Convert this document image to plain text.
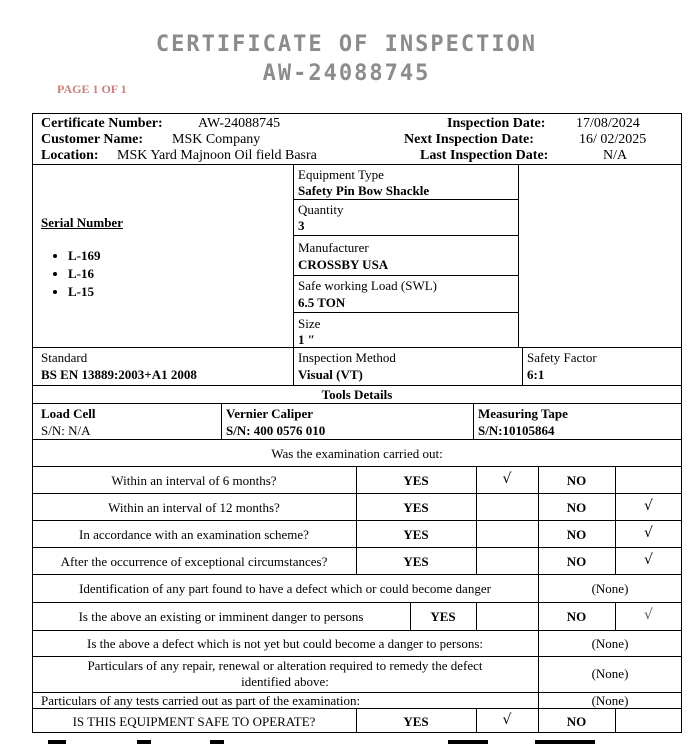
CERTIFICATE OF INSPECTION
AW-24088745
PAGE 1 OF 1
Certificate Number:	AW-24088745
Customer Name: MSK Company
Location: MSK Yard Majnoon Oil field Basra
Inspection Date: 17/08/2024
Next Inspection Date:	16/ 02/2025
Last Inspection Date:	N/A
Serial Number
• L-169
• L-16
• L-15
Equipment Type
Safety Pin Bow Shackle
Quantity
3
Manufacturer
CROSSBY USA
Safe working Load (SWL)
6.5 TON
Size
1 ″
Standard
BS EN 13889:2003+A1 2008
Inspection Method
Visual (VT)
Safety Factor
6:1
Tools Details
Load Cell
S/N: N/A
Vernier Caliper
S/N: 400 0576 010
Measuring Tape
S/N:10105864
Was the examination carried out:
Within an interval of 6 months?	YES	√	NO
Within an interval of 12 months?	YES	NO	√
In accordance with an examination scheme?	YES	NO	√
After the occurrence of exceptional circumstances?	YES	NO	√
Identification of any part found to have a defect which or could become danger	(None)
Is the above an existing or imminent danger to persons	YES	NO	√
Is the above a defect which is not yet but could become a danger to persons:	(None)
Particulars of any repair, renewal or alteration required to remedy the defect
identified above:
(None)
Particulars of any tests carried out as part of the examination:	(None)
IS THIS EQUIPMENT SAFE TO OPERATE?	YES	√	NO
